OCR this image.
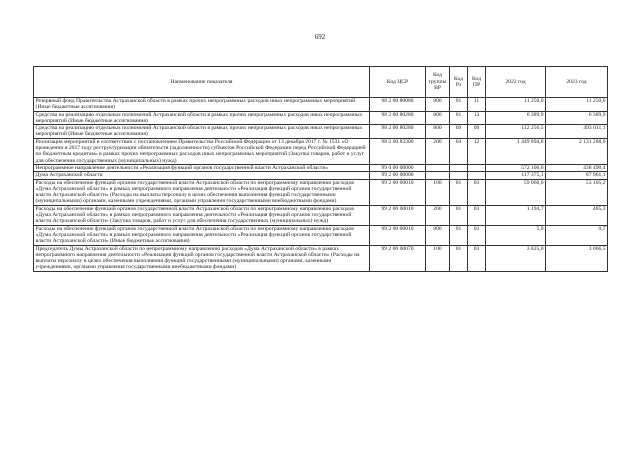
692
Наименование показателя	Код ЦСР	Код группы ВР	Код Рз	Код ПР	2022 год	2023 год
Резервный фонд Правительства Астраханской области в рамках прочих непрограммных расходов иных непрограммных мероприятий (Иные бюджетные ассигнования)	98 2 00 80080	800	01	11	11 250,0	11 250,0
Средства на реализацию отдельных полномочий Астраханской области в рамках прочих непрограммных расходов иных непрограммных мероприятий (Иные бюджетные ассигнования)	98 2 00 80280	800	01	13	6 389,9	6 389,9
Средства на реализацию отдельных полномочий Астраханской области в рамках прочих непрограммных расходов иных непрограммных мероприятий (Иные бюджетные ассигнования)	98 2 00 80280	800	09	09	112 256,5	493 011,1
Реализация мероприятий в соответствии с постановлением Правительства Российской Федерации от 13 декабря 2017 г. № 1531 «О проведении в 2017 году реструктуризации обязательств (задолженности) субъектов Российской Федерации перед Российской Федерацией по бюджетным кредитам» в рамках прочих непрограммных расходов иных непрограммных мероприятий (Закупка товаров, работ и услуг для обеспечения государственных (муниципальных) нужд)	98 2 00 83300	200	04	12	1 449 894,8	2 131 288,0
Непрограммное направление деятельности «Реализация функций органов государственной власти Астраханской области»	99 0 00 00000				572 106,6	438 490,4
Дума Астраханской области	99 2 00 00000				117 375,1	87 961,1
Расходы на обеспечение функций органов государственной власти Астраханской области по непрограммному направлению расходов «Дума Астраханской области» в рамках непрограммного направления деятельности «Реализация функций органов государственной власти Астраханской области» (Расходы на выплаты персоналу в целях обеспечения выполнения функций государственными (муниципальными) органами, казенными учреждениями, органами управления государственными внебюджетными фондами)	99 2 00 00010	100	01	03	59 060,6	53 105,2
Расходы на обеспечение функций органов государственной власти Астраханской области по непрограммному направлению расходов «Дума Астраханской области» в рамках непрограммного направления деятельности «Реализация функций органов государственной власти Астраханской области» (Закупка товаров, работ и услуг для обеспечения государственных (муниципальных) нужд)	99 2 00 00010	200	01	03	1 194,7	485,3
Расходы на обеспечение функций органов государственной власти Астраханской области по непрограммному направлению расходов «Дума Астраханской области» в рамках непрограммного направления деятельности «Реализация функций органов государственной власти Астраханской области» (Иные бюджетные ассигнования)	99 2 00 00010	800	01	03	5,0	0,7
Председатель Думы Астраханской области по непрограммному направлению расходов «Дума Астраханской области» в рамках непрограммного направления деятельности «Реализация функций органов государственной власти Астраханской области» (Расходы на выплаты персоналу в целях обеспечения выполнения функций государственными (муниципальными) органами, казенными учреждениями, органами управления государственными внебюджетными фондами)	99 2 00 00070	100	01	03	3 825,0	3 066,5
